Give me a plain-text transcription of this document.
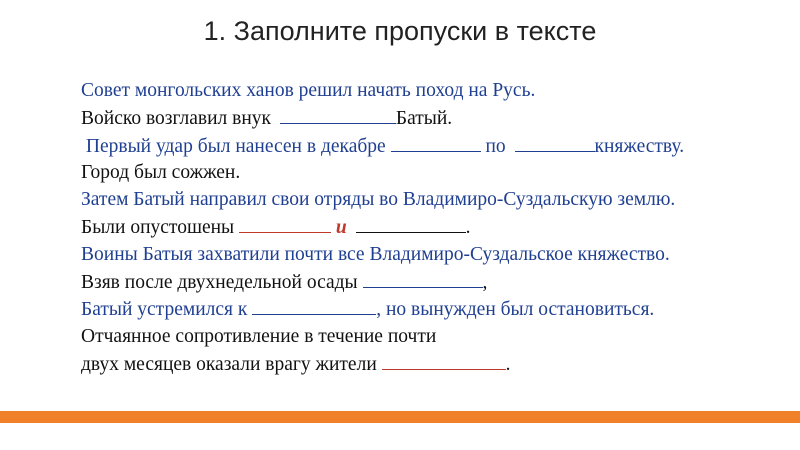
1. Заполните пропуски в тексте
Совет монгольских ханов решил начать поход на Русь.
Войско возглавил внук	Батый.
Первый удар был нанесен в декабре	по	княжеству.
Город был сожжен.
Затем Батый направил свои отряды во Владимиро-Суздальскую землю.
Были опустошены	и	.
Воины Батыя захватили почти все Владимиро-Суздальское княжество.
Взяв после двухнедельной осады	,
Батый устремился к	, но вынужден был остановиться.
Отчаянное сопротивление в течение почти
двух месяцев оказали врагу жители	.
